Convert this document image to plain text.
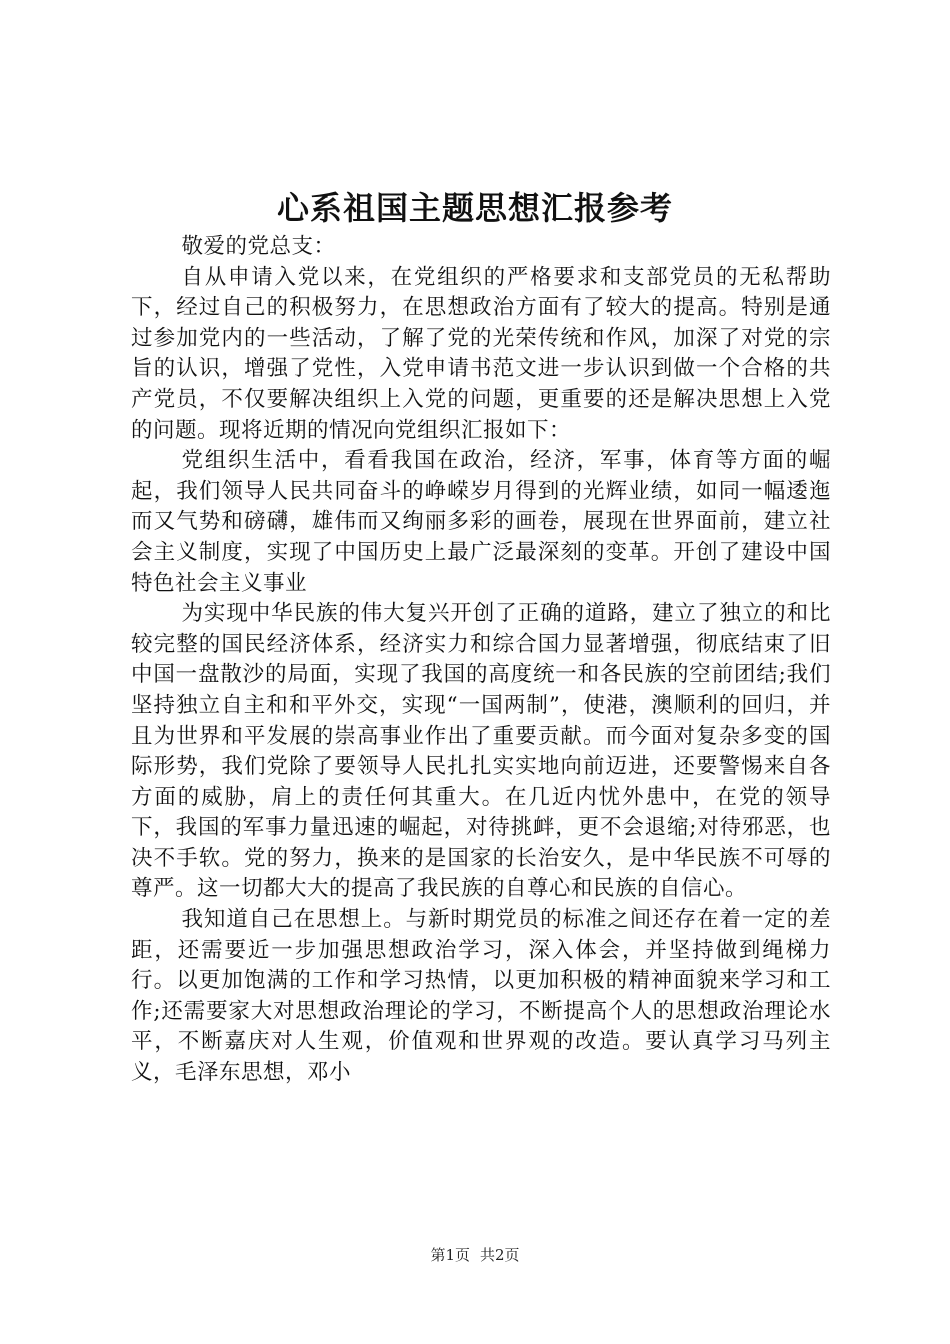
心系祖国主题思想汇报参考

敬爱的党总支：

自从申请入党以来，在党组织的严格要求和支部党员的无私帮助下，经过自己的积极努力，在思想政治方面有了较大的提高。特别是通过参加党内的一些活动，了解了党的光荣传统和作风，加深了对党的宗旨的认识，增强了党性，入党申请书范文进一步认识到做一个合格的共产党员，不仅要解决组织上入党的问题，更重要的还是解决思想上入党的问题。现将近期的情况向党组织汇报如下：

党组织生活中，看看我国在政治，经济，军事，体育等方面的崛起，我们领导人民共同奋斗的峥嵘岁月得到的光辉业绩，如同一幅逶迤而又气势和磅礴，雄伟而又绚丽多彩的画卷，展现在世界面前，建立社会主义制度，实现了中国历史上最广泛最深刻的变革。开创了建设中国特色社会主义事业

为实现中华民族的伟大复兴开创了正确的道路，建立了独立的和比较完整的国民经济体系，经济实力和综合国力显著增强，彻底结束了旧中国一盘散沙的局面，实现了我国的高度统一和各民族的空前团结;我们坚持独立自主和和平外交，实现“一国两制”，使港，澳顺利的回归，并且为世界和平发展的崇高事业作出了重要贡献。而今面对复杂多变的国际形势，我们党除了要领导人民扎扎实实地向前迈进，还要警惕来自各方面的威胁，肩上的责任何其重大。在几近内忧外患中，在党的领导下，我国的军事力量迅速的崛起，对待挑衅，更不会退缩;对待邪恶，也决不手软。党的努力，换来的是国家的长治安久，是中华民族不可辱的尊严。这一切都大大的提高了我民族的自尊心和民族的自信心。

我知道自己在思想上。与新时期党员的标准之间还存在着一定的差距，还需要近一步加强思想政治学习，深入体会，并坚持做到绳梯力行。以更加饱满的工作和学习热情，以更加积极的精神面貌来学习和工作;还需要家大对思想政治理论的学习，不断提高个人的思想政治理论水平，不断嘉庆对人生观，价值观和世界观的改造。要认真学习马列主义，毛泽东思想，邓小

第1页 共2页
